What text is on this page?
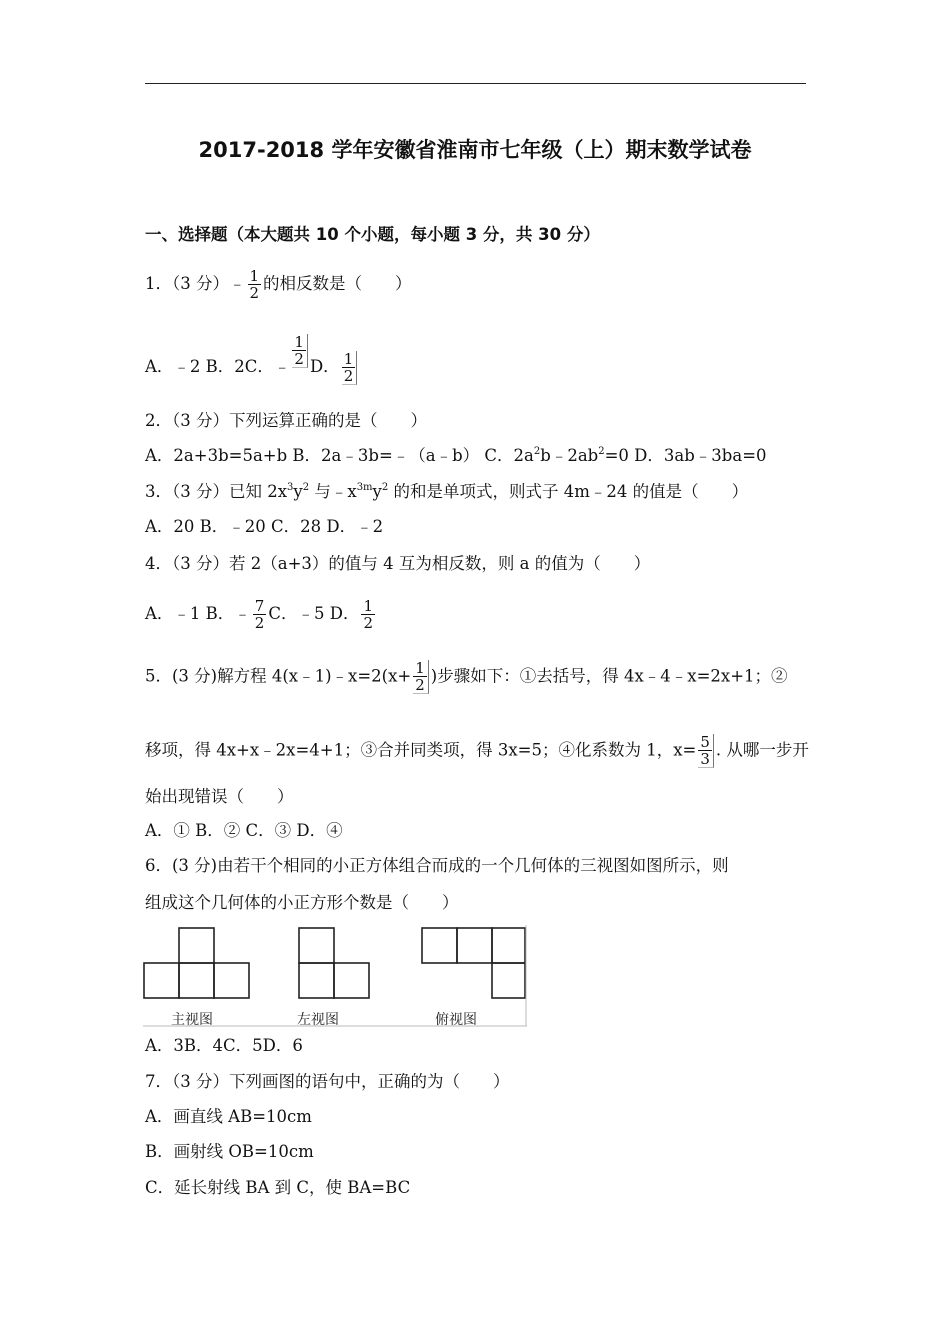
2017-2018 学年安徽省淮南市七年级（上）期末数学试卷
一、选择题（本大题共 10 个小题，每小题 3 分，共 30 分）
1．（3 分）﹣ $\frac{1}{2}$ 的相反数是（　　）
A．﹣2 B．2C．﹣ $\frac{1}{2}$ D． $\frac{1}{2}$
2．（3 分）下列运算正确的是（　　）
A．2a+3b=5a+b B．2a﹣3b=﹣（a﹣b） C．$2a^2b﹣2ab^2=0$ D．3ab﹣3ba=0
3．（3 分）已知 $2x^3y^2$ 与$﹣x^{3m}y^2$ 的和是单项式，则式子 4m﹣24 的值是（　　）
A．20 B．﹣20 C．28 D．﹣2
4．（3 分）若 2（a+3）的值与 4 互为相反数，则 a 的值为（　　）
A．﹣1 B．﹣ $\frac{7}{2}$ C．﹣5 D． $\frac{1}{2}$
5．(3 分)解方程 4(x﹣1)﹣x=2(x+ $\frac{1}{2}$ )步骤如下：①去括号，得 4x﹣4﹣x=2x+1；②
移项，得 4x+x﹣2x=4+1；③合并同类项，得 3x=5；④化系数为 1，$x= \frac{5}{3}$ . 从哪一步开
始出现错误（　　）
A．① B．② C．③ D．④
6．(3 分)由若干个相同的小正方体组合而成的一个几何体的三视图如图所示，则
组成这个几何体的小正方形个数是（　　）
主视图	左视图	俯视图
A．3B．4C．5D．6
7．（3 分）下列画图的语句中，正确的为（　　）
A．画直线 AB=10cm
B．画射线 OB=10cm
C．延长射线 BA 到 C，使 BA=BC
